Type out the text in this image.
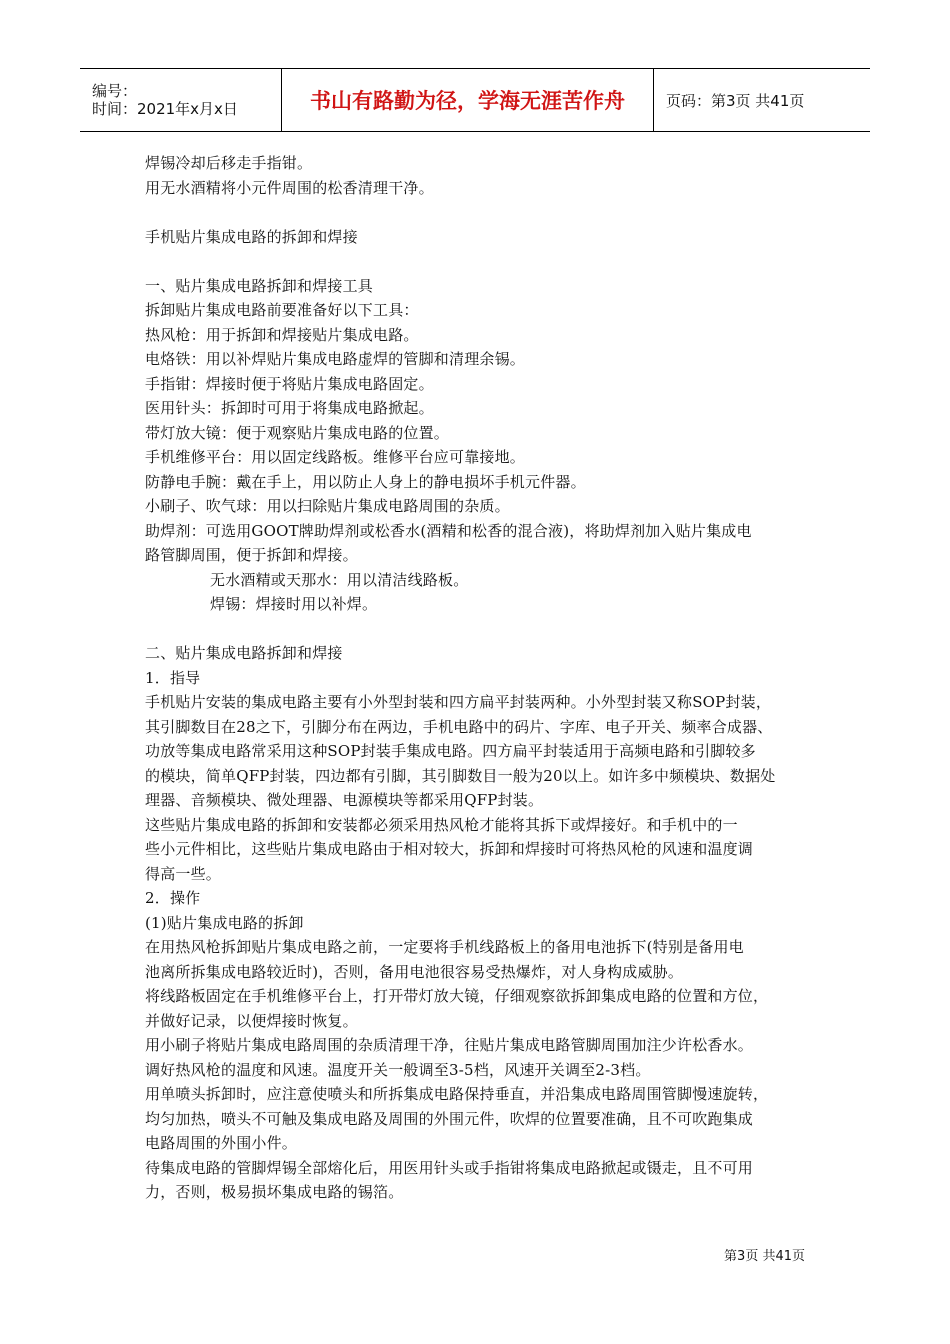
编号：
时间：2021年x月x日	书山有路勤为径，学海无涯苦作舟	页码：第3页 共41页

焊锡冷却后移走手指钳。

用无水酒精将小元件周围的松香清理干净。

手机贴片集成电路的拆卸和焊接

一、贴片集成电路拆卸和焊接工具

拆卸贴片集成电路前要准备好以下工具：

热风枪：用于拆卸和焊接贴片集成电路。

电烙铁：用以补焊贴片集成电路虚焊的管脚和清理余锡。

手指钳：焊接时便于将贴片集成电路固定。

医用针头：拆卸时可用于将集成电路掀起。

带灯放大镜：便于观察贴片集成电路的位置。

手机维修平台：用以固定线路板。维修平台应可靠接地。

防静电手腕：戴在手上，用以防止人身上的静电损坏手机元件器。

小刷子、吹气球：用以扫除贴片集成电路周围的杂质。

助焊剂：可选用GOOT牌助焊剂或松香水(酒精和松香的混合液)，将助焊剂加入贴片集成电

路管脚周围，便于拆卸和焊接。

无水酒精或天那水：用以清洁线路板。

焊锡：焊接时用以补焊。

二、贴片集成电路拆卸和焊接

1．指导

手机贴片安装的集成电路主要有小外型封装和四方扁平封装两种。小外型封装又称SOP封装，

其引脚数目在28之下，引脚分布在两边，手机电路中的码片、字库、电子开关、频率合成器、

功放等集成电路常采用这种SOP封装手集成电路。四方扁平封装适用于高频电路和引脚较多

的模块，简单QFP封装，四边都有引脚，其引脚数目一般为20以上。如许多中频模块、数据处

理器、音频模块、微处理器、电源模块等都采用QFP封装。

这些贴片集成电路的拆卸和安装都必须采用热风枪才能将其拆下或焊接好。和手机中的一

些小元件相比，这些贴片集成电路由于相对较大，拆卸和焊接时可将热风枪的风速和温度调

得高一些。

2．操作

(1)贴片集成电路的拆卸

在用热风枪拆卸贴片集成电路之前，一定要将手机线路板上的备用电池拆下(特别是备用电

池离所拆集成电路较近时)，否则，备用电池很容易受热爆炸，对人身构成威胁。

将线路板固定在手机维修平台上，打开带灯放大镜，仔细观察欲拆卸集成电路的位置和方位，

并做好记录，以便焊接时恢复。

用小刷子将贴片集成电路周围的杂质清理干净，往贴片集成电路管脚周围加注少许松香水。

调好热风枪的温度和风速。温度开关一般调至3-5档，风速开关调至2-3档。

用单喷头拆卸时，应注意使喷头和所拆集成电路保持垂直，并沿集成电路周围管脚慢速旋转，

均匀加热，喷头不可触及集成电路及周围的外围元件，吹焊的位置要准确，且不可吹跑集成

电路周围的外围小件。

待集成电路的管脚焊锡全部熔化后，用医用针头或手指钳将集成电路掀起或镊走，且不可用

力，否则，极易损坏集成电路的锡箔。

第3页 共41页
